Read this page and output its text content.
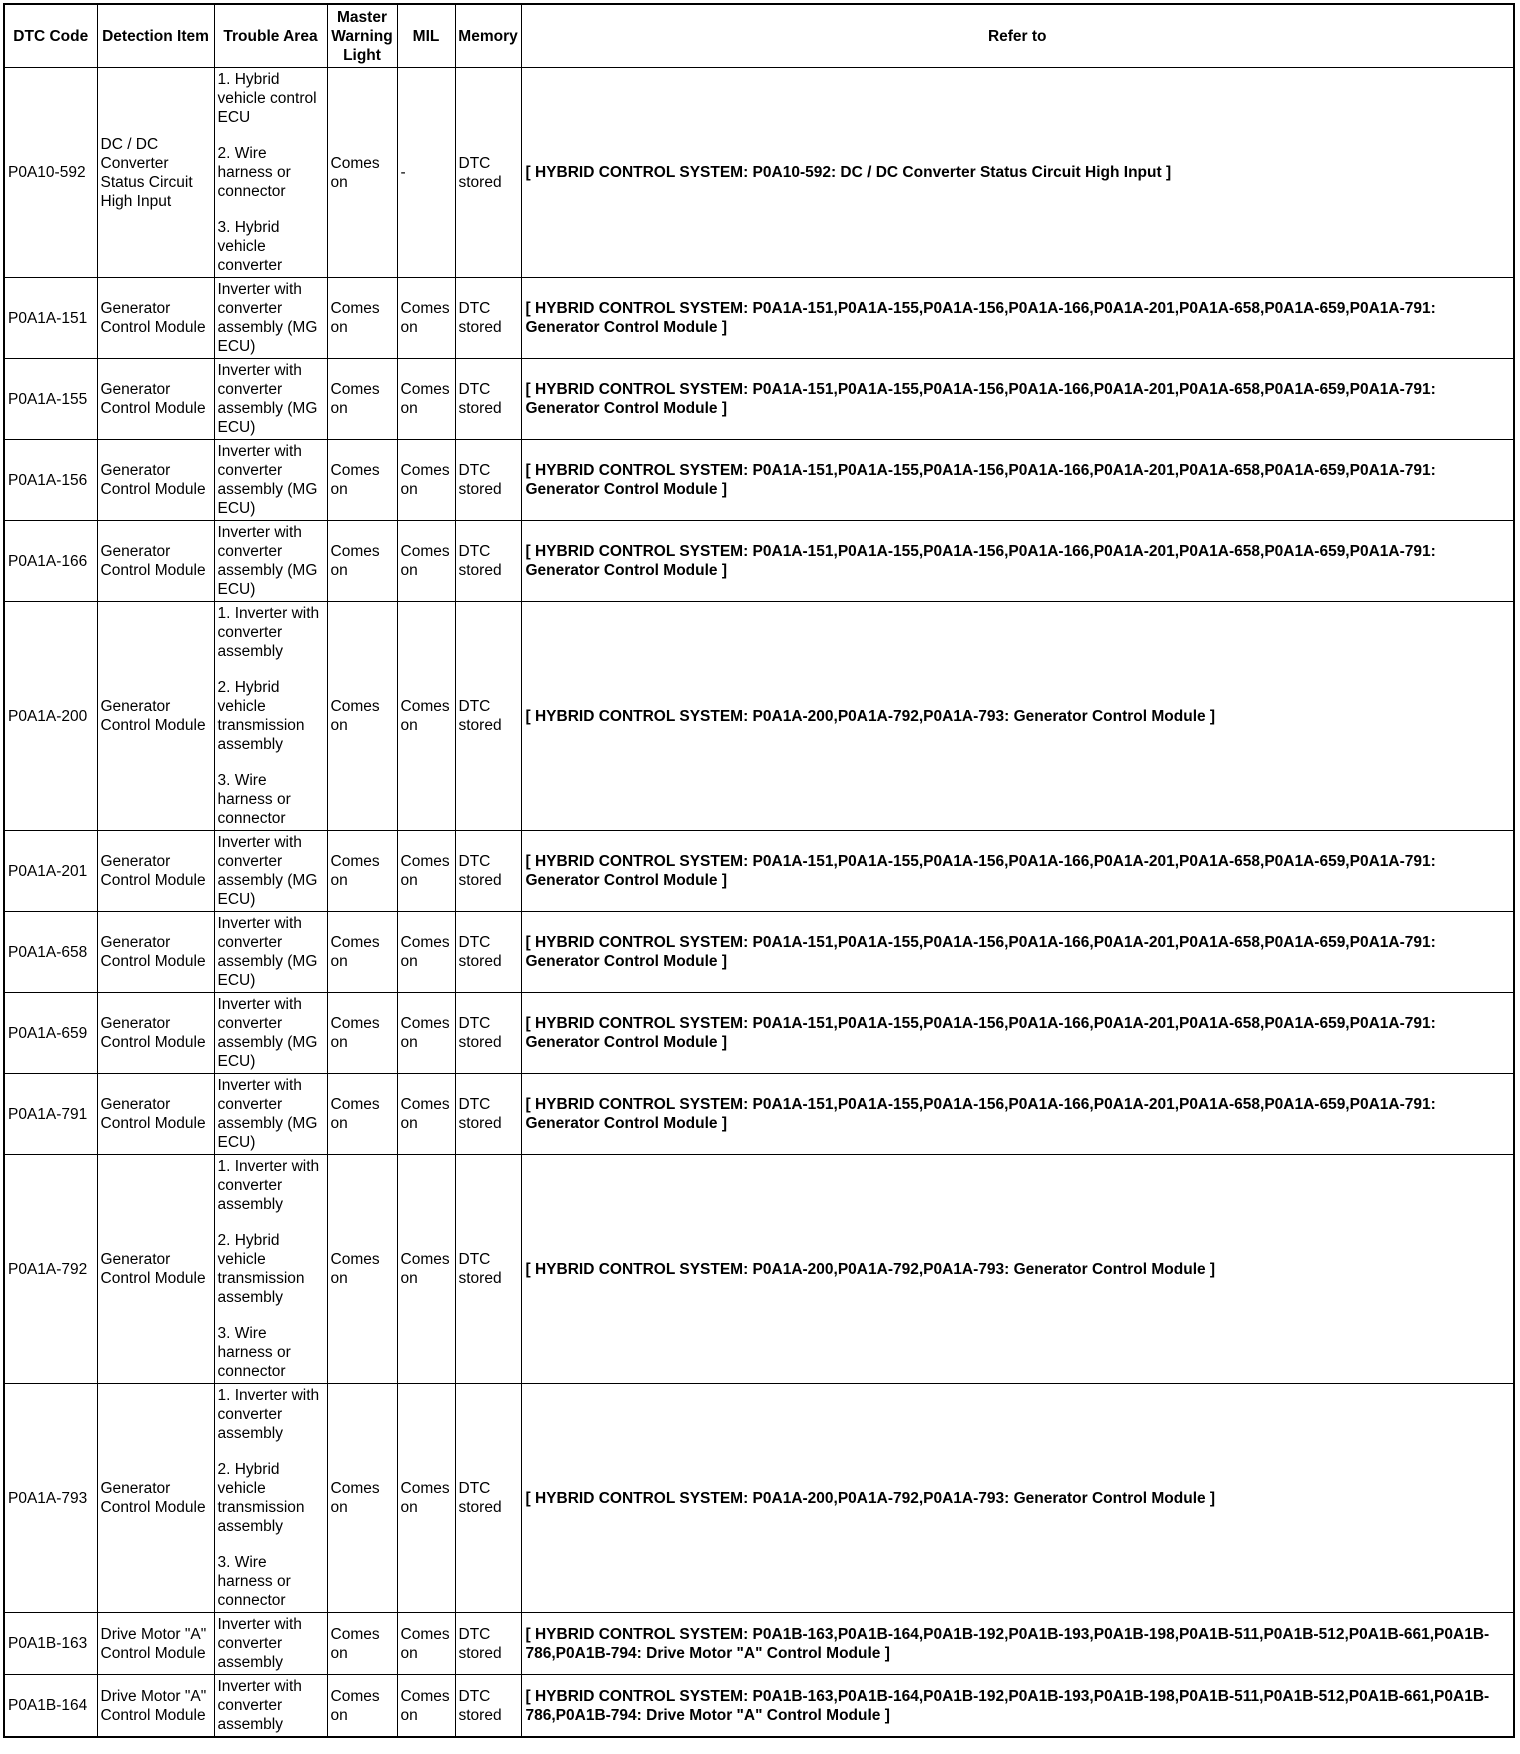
DTC Code	Detection Item	Trouble Area	Master Warning Light	MIL	Memory	Refer to
P0A10-592	DC / DC Converter Status Circuit High Input	1. Hybrid vehicle control ECU
2. Wire harness or connector
3. Hybrid vehicle converter	Comes on	-	DTC stored	[ HYBRID CONTROL SYSTEM: P0A10-592: DC / DC Converter Status Circuit High Input ]
P0A1A-151	Generator Control Module	Inverter with converter assembly (MG ECU)	Comes on	Comes on	DTC stored	[ HYBRID CONTROL SYSTEM: P0A1A-151,P0A1A-155,P0A1A-156,P0A1A-166,P0A1A-201,P0A1A-658,P0A1A-659,P0A1A-791: Generator Control Module ]
P0A1A-155	Generator Control Module	Inverter with converter assembly (MG ECU)	Comes on	Comes on	DTC stored	[ HYBRID CONTROL SYSTEM: P0A1A-151,P0A1A-155,P0A1A-156,P0A1A-166,P0A1A-201,P0A1A-658,P0A1A-659,P0A1A-791: Generator Control Module ]
P0A1A-156	Generator Control Module	Inverter with converter assembly (MG ECU)	Comes on	Comes on	DTC stored	[ HYBRID CONTROL SYSTEM: P0A1A-151,P0A1A-155,P0A1A-156,P0A1A-166,P0A1A-201,P0A1A-658,P0A1A-659,P0A1A-791: Generator Control Module ]
P0A1A-166	Generator Control Module	Inverter with converter assembly (MG ECU)	Comes on	Comes on	DTC stored	[ HYBRID CONTROL SYSTEM: P0A1A-151,P0A1A-155,P0A1A-156,P0A1A-166,P0A1A-201,P0A1A-658,P0A1A-659,P0A1A-791: Generator Control Module ]
P0A1A-200	Generator Control Module	1. Inverter with converter assembly
2. Hybrid vehicle transmission assembly
3. Wire harness or connector	Comes on	Comes on	DTC stored	[ HYBRID CONTROL SYSTEM: P0A1A-200,P0A1A-792,P0A1A-793: Generator Control Module ]
P0A1A-201	Generator Control Module	Inverter with converter assembly (MG ECU)	Comes on	Comes on	DTC stored	[ HYBRID CONTROL SYSTEM: P0A1A-151,P0A1A-155,P0A1A-156,P0A1A-166,P0A1A-201,P0A1A-658,P0A1A-659,P0A1A-791: Generator Control Module ]
P0A1A-658	Generator Control Module	Inverter with converter assembly (MG ECU)	Comes on	Comes on	DTC stored	[ HYBRID CONTROL SYSTEM: P0A1A-151,P0A1A-155,P0A1A-156,P0A1A-166,P0A1A-201,P0A1A-658,P0A1A-659,P0A1A-791: Generator Control Module ]
P0A1A-659	Generator Control Module	Inverter with converter assembly (MG ECU)	Comes on	Comes on	DTC stored	[ HYBRID CONTROL SYSTEM: P0A1A-151,P0A1A-155,P0A1A-156,P0A1A-166,P0A1A-201,P0A1A-658,P0A1A-659,P0A1A-791: Generator Control Module ]
P0A1A-791	Generator Control Module	Inverter with converter assembly (MG ECU)	Comes on	Comes on	DTC stored	[ HYBRID CONTROL SYSTEM: P0A1A-151,P0A1A-155,P0A1A-156,P0A1A-166,P0A1A-201,P0A1A-658,P0A1A-659,P0A1A-791: Generator Control Module ]
P0A1A-792	Generator Control Module	1. Inverter with converter assembly
2. Hybrid vehicle transmission assembly
3. Wire harness or connector	Comes on	Comes on	DTC stored	[ HYBRID CONTROL SYSTEM: P0A1A-200,P0A1A-792,P0A1A-793: Generator Control Module ]
P0A1A-793	Generator Control Module	1. Inverter with converter assembly
2. Hybrid vehicle transmission assembly
3. Wire harness or connector	Comes on	Comes on	DTC stored	[ HYBRID CONTROL SYSTEM: P0A1A-200,P0A1A-792,P0A1A-793: Generator Control Module ]
P0A1B-163	Drive Motor "A" Control Module	Inverter with converter assembly	Comes on	Comes on	DTC stored	[ HYBRID CONTROL SYSTEM: P0A1B-163,P0A1B-164,P0A1B-192,P0A1B-193,P0A1B-198,P0A1B-511,P0A1B-512,P0A1B-661,P0A1B-786,P0A1B-794: Drive Motor "A" Control Module ]
P0A1B-164	Drive Motor "A" Control Module	Inverter with converter assembly	Comes on	Comes on	DTC stored	[ HYBRID CONTROL SYSTEM: P0A1B-163,P0A1B-164,P0A1B-192,P0A1B-193,P0A1B-198,P0A1B-511,P0A1B-512,P0A1B-661,P0A1B-786,P0A1B-794: Drive Motor "A" Control Module ]
